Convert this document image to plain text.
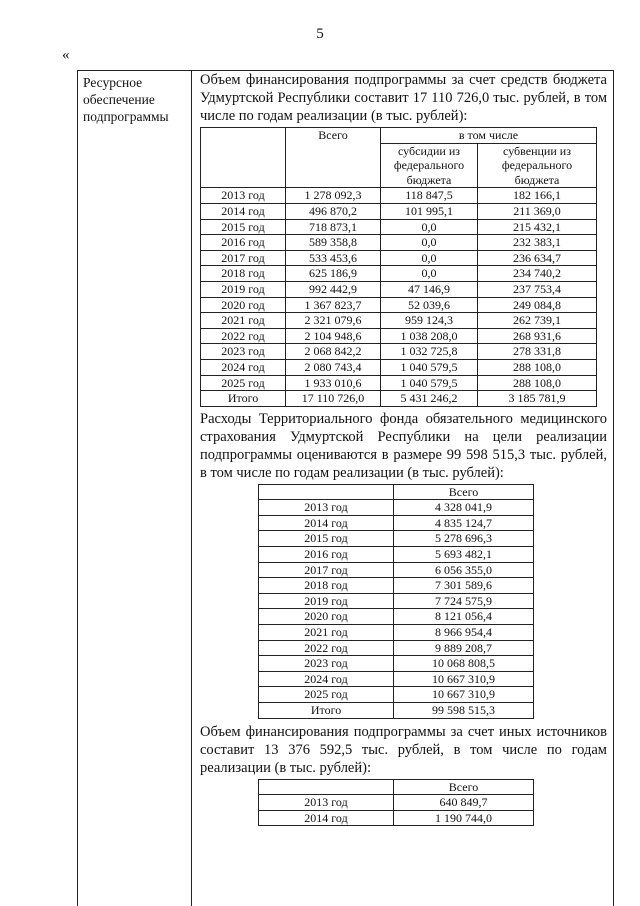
5
«
Ресурсное обеспечение подпрограммы

Объем финансирования подпрограммы за счет средств бюджета Удмуртской Республики составит 17 110 726,0 тыс. рублей, в том числе по годам реализации (в тыс. рублей):

	Всего	в том числе	
		субсидии из федерального бюджета	субвенции из федерального бюджета
2013 год	1 278 092,3	118 847,5	182 166,1
2014 год	496 870,2	101 995,1	211 369,0
2015 год	718 873,1	0,0	215 432,1
2016 год	589 358,8	0,0	232 383,1
2017 год	533 453,6	0,0	236 634,7
2018 год	625 186,9	0,0	234 740,2
2019 год	992 442,9	47 146,9	237 753,4
2020 год	1 367 823,7	52 039,6	249 084,8
2021 год	2 321 079,6	959 124,3	262 739,1
2022 год	2 104 948,6	1 038 208,0	268 931,6
2023 год	2 068 842,2	1 032 725,8	278 331,8
2024 год	2 080 743,4	1 040 579,5	288 108,0
2025 год	1 933 010,6	1 040 579,5	288 108,0
Итого	17 110 726,0	5 431 246,2	3 185 781,9

Расходы Территориального фонда обязательного медицинского страхования Удмуртской Республики на цели реализации подпрограммы оцениваются в размере 99 598 515,3 тыс. рублей, в том числе по годам реализации (в тыс. рублей):

	Всего
2013 год	4 328 041,9
2014 год	4 835 124,7
2015 год	5 278 696,3
2016 год	5 693 482,1
2017 год	6 056 355,0
2018 год	7 301 589,6
2019 год	7 724 575,9
2020 год	8 121 056,4
2021 год	8 966 954,4
2022 год	9 889 208,7
2023 год	10 068 808,5
2024 год	10 667 310,9
2025 год	10 667 310,9
Итого	99 598 515,3

Объем финансирования подпрограммы за счет иных источников составит 13 376 592,5 тыс. рублей, в том числе по годам реализации (в тыс. рублей):

	Всего
2013 год	640 849,7
2014 год	1 190 744,0
